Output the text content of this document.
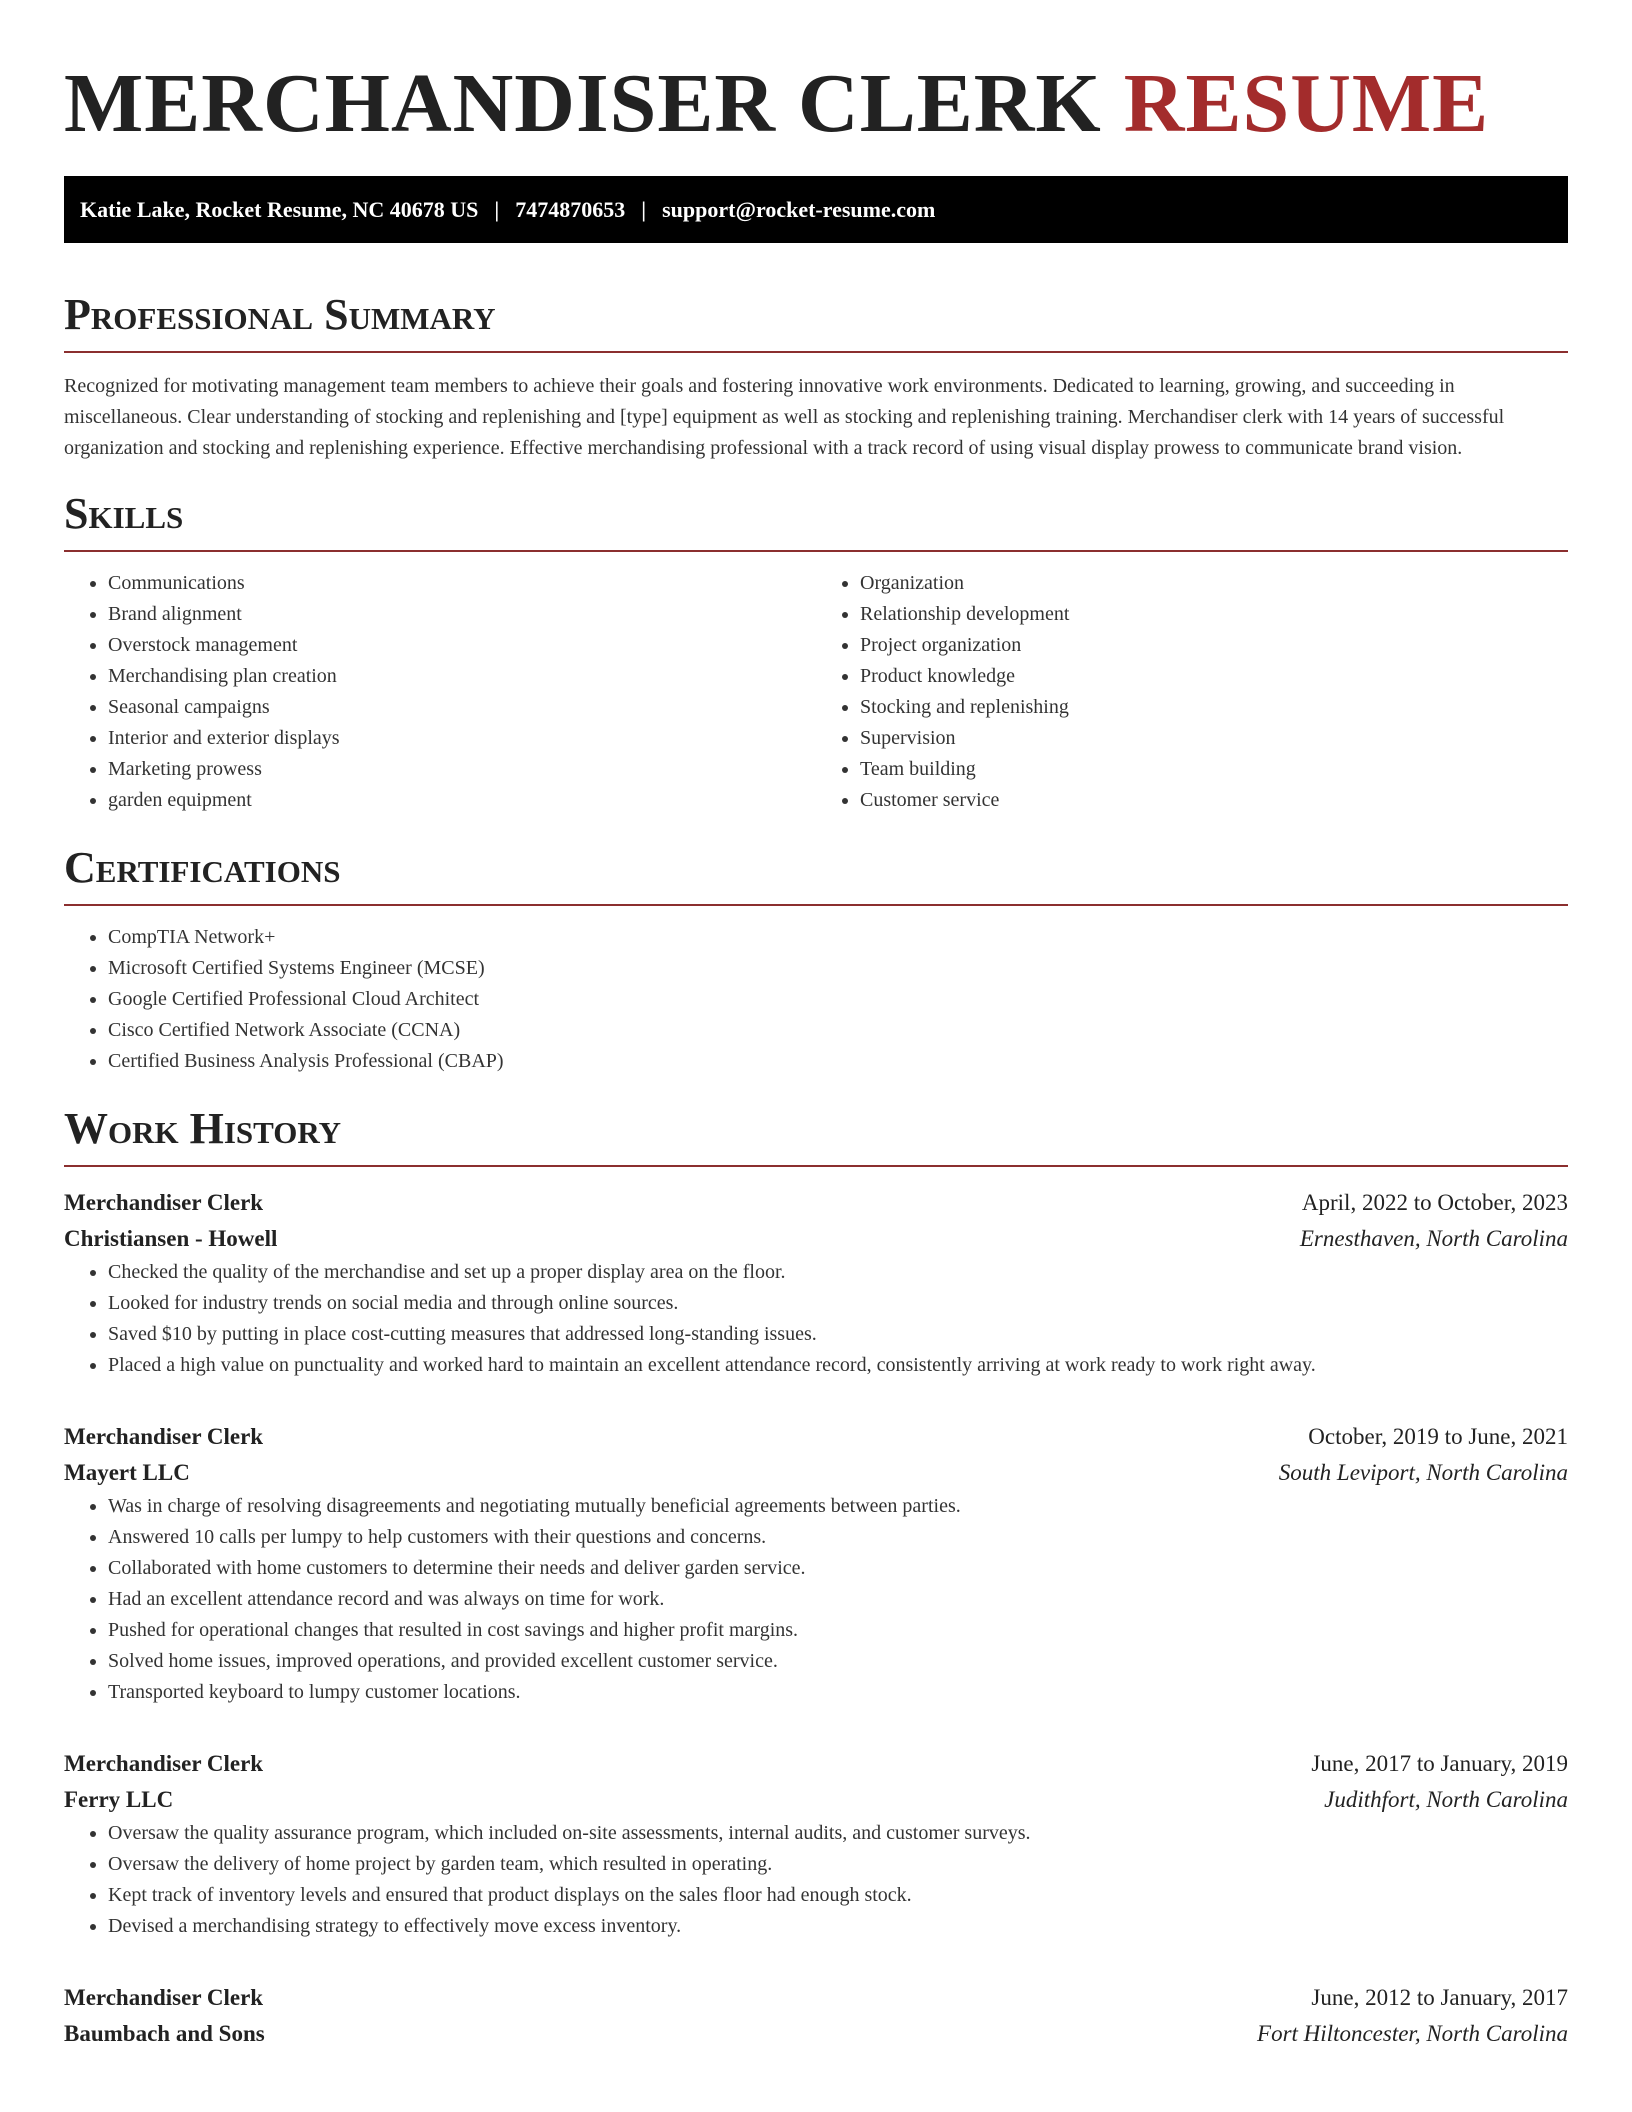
MERCHANDISER CLERK RESUME
Katie Lake, Rocket Resume, NC 40678 US | 7474870653 | support@rocket-resume.com
Professional Summary

Recognized for motivating management team members to achieve their goals and fostering innovative work environments. Dedicated to learning, growing, and succeeding in miscellaneous. Clear understanding of stocking and replenishing and [type] equipment as well as stocking and replenishing training. Merchandiser clerk with 14 years of successful organization and stocking and replenishing experience. Effective merchandising professional with a track record of using visual display prowess to communicate brand vision.

Skills
• Communications
• Brand alignment
• Overstock management
• Merchandising plan creation
• Seasonal campaigns
• Interior and exterior displays
• Marketing prowess
• garden equipment
• Organization
• Relationship development
• Project organization
• Product knowledge
• Stocking and replenishing
• Supervision
• Team building
• Customer service
Certifications
• CompTIA Network+
• Microsoft Certified Systems Engineer (MCSE)
• Google Certified Professional Cloud Architect
• Cisco Certified Network Associate (CCNA)
• Certified Business Analysis Professional (CBAP)
Work History
Merchandiser Clerk	April, 2022 to October, 2023
Christiansen - Howell	Ernesthaven, North Carolina
• Checked the quality of the merchandise and set up a proper display area on the floor.
• Looked for industry trends on social media and through online sources.
• Saved $10 by putting in place cost-cutting measures that addressed long-standing issues.
• Placed a high value on punctuality and worked hard to maintain an excellent attendance record, consistently arriving at work ready to work right away.
Merchandiser Clerk	October, 2019 to June, 2021
Mayert LLC	South Leviport, North Carolina
• Was in charge of resolving disagreements and negotiating mutually beneficial agreements between parties.
• Answered 10 calls per lumpy to help customers with their questions and concerns.
• Collaborated with home customers to determine their needs and deliver garden service.
• Had an excellent attendance record and was always on time for work.
• Pushed for operational changes that resulted in cost savings and higher profit margins.
• Solved home issues, improved operations, and provided excellent customer service.
• Transported keyboard to lumpy customer locations.
Merchandiser Clerk	June, 2017 to January, 2019
Ferry LLC	Judithfort, North Carolina
• Oversaw the quality assurance program, which included on-site assessments, internal audits, and customer surveys.
• Oversaw the delivery of home project by garden team, which resulted in operating.
• Kept track of inventory levels and ensured that product displays on the sales floor had enough stock.
• Devised a merchandising strategy to effectively move excess inventory.
Merchandiser Clerk	June, 2012 to January, 2017
Baumbach and Sons	Fort Hiltoncester, North Carolina
